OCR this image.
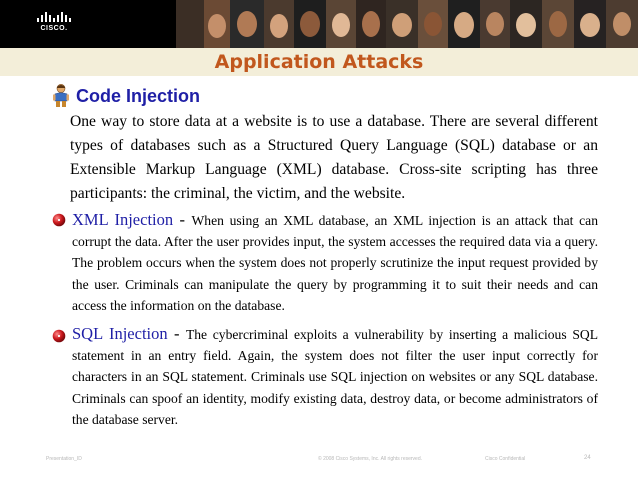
CISCO.
Application Attacks
Code Injection

One way to store data at a website is to use a database. There are several different types of databases such as a Structured Query Language (SQL) database or an Extensible Markup Language (XML) database. Cross-site scripting has three participants: the criminal, the victim, and the website.

XML Injection - When using an XML database, an XML injection is an attack that can corrupt the data. After the user provides input, the system accesses the required data via a query. The problem occurs when the system does not properly scrutinize the input request provided by the user. Criminals can manipulate the query by programming it to suit their needs and can access the information on the database.

SQL Injection - The cybercriminal exploits a vulnerability by inserting a malicious SQL statement in an entry field. Again, the system does not filter the user input correctly for characters in an SQL statement. Criminals use SQL injection on websites or any SQL database. Criminals can spoof an identity, modify existing data, destroy data, or become administrators of the database server.

Presentation_ID	© 2008 Cisco Systems, Inc. All rights reserved.	Cisco Confidential	24
